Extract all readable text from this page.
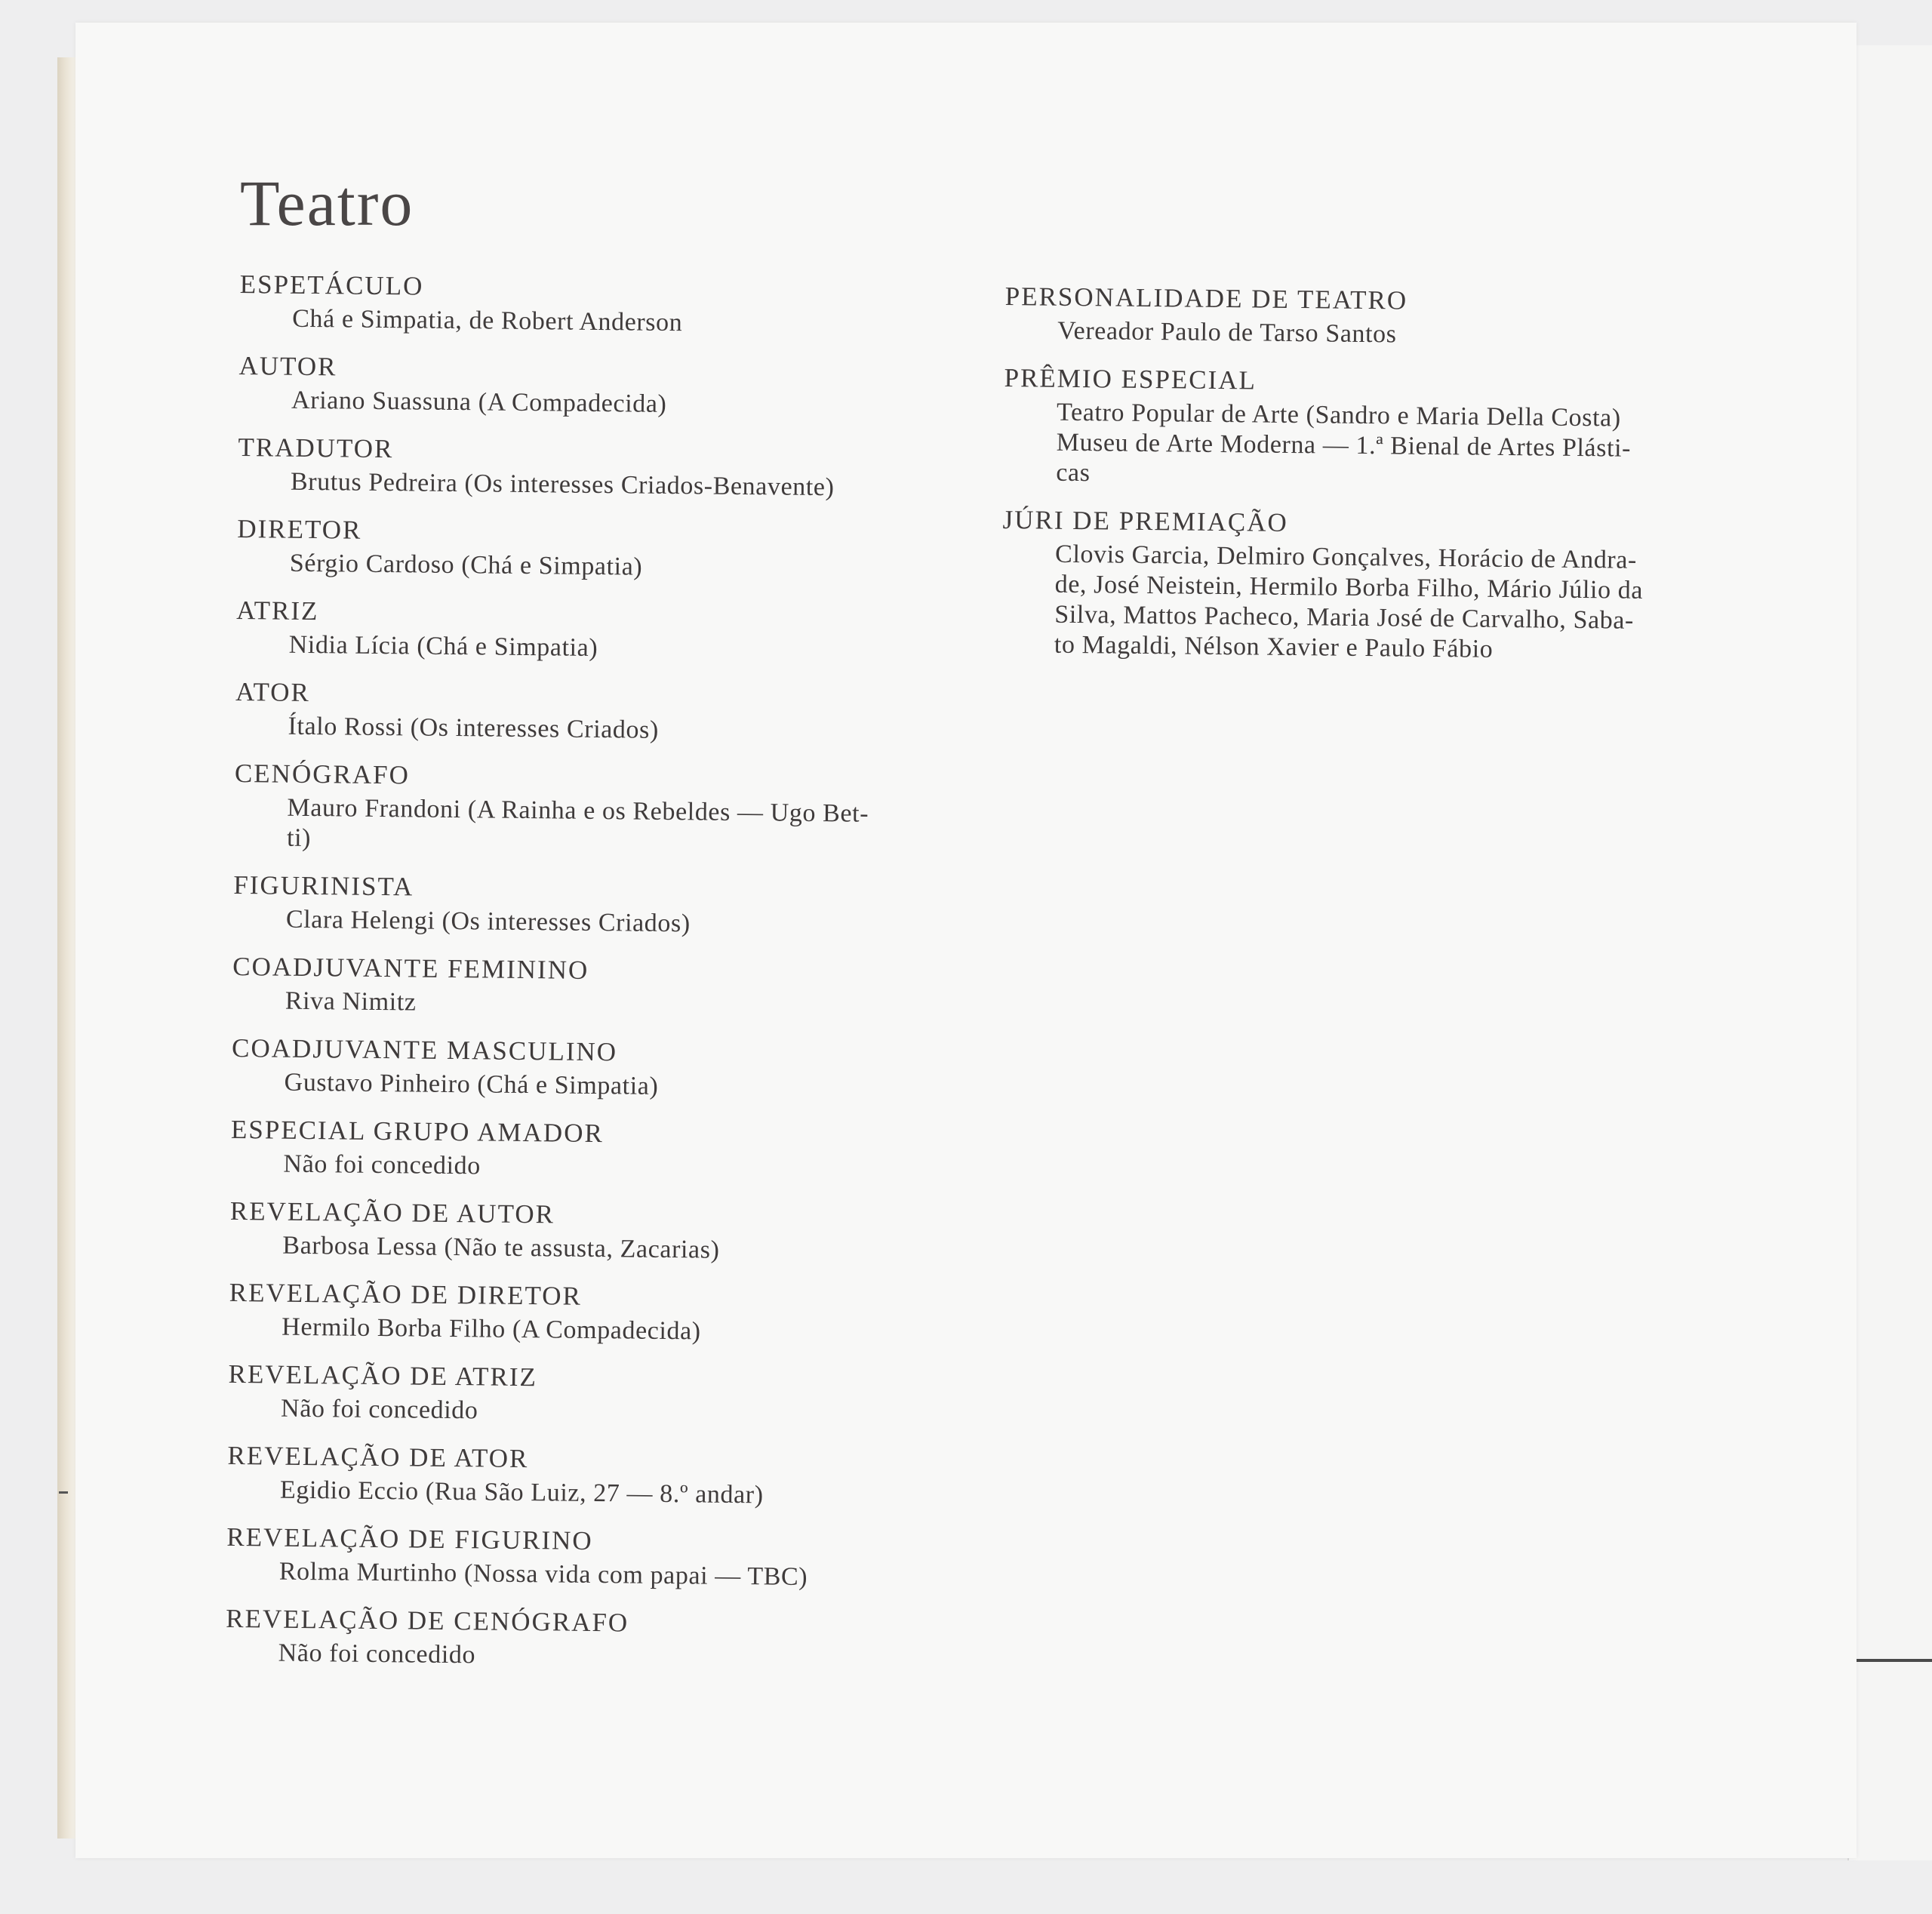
Teatro
ESPETÁCULO
Chá e Simpatia, de Robert Anderson
AUTOR
Ariano Suassuna (A Compadecida)
TRADUTOR
Brutus Pedreira (Os interesses Criados-Benavente)
DIRETOR
Sérgio Cardoso (Chá e Simpatia)
ATRIZ
Nidia Lícia (Chá e Simpatia)
ATOR
Ítalo Rossi (Os interesses Criados)
CENÓGRAFO
Mauro Frandoni (A Rainha e os Rebeldes — Ugo Bet-
ti)
FIGURINISTA
Clara Helengi (Os interesses Criados)
COADJUVANTE FEMININO
Riva Nimitz
COADJUVANTE MASCULINO
Gustavo Pinheiro (Chá e Simpatia)
ESPECIAL GRUPO AMADOR
Não foi concedido
REVELAÇÃO DE AUTOR
Barbosa Lessa (Não te assusta, Zacarias)
REVELAÇÃO DE DIRETOR
Hermilo Borba Filho (A Compadecida)
REVELAÇÃO DE ATRIZ
Não foi concedido
REVELAÇÃO DE ATOR
Egidio Eccio (Rua São Luiz, 27 — 8.º andar)
REVELAÇÃO DE FIGURINO
Rolma Murtinho (Nossa vida com papai — TBC)
REVELAÇÃO DE CENÓGRAFO
Não foi concedido
PERSONALIDADE DE TEATRO
Vereador Paulo de Tarso Santos
PRÊMIO ESPECIAL
Teatro Popular de Arte (Sandro e Maria Della Costa)
Museu de Arte Moderna — 1.ª Bienal de Artes Plásti-
cas
JÚRI DE PREMIAÇÃO
Clovis Garcia, Delmiro Gonçalves, Horácio de Andra-
de, José Neistein, Hermilo Borba Filho, Mário Júlio da
Silva, Mattos Pacheco, Maria José de Carvalho, Saba-
to Magaldi, Nélson Xavier e Paulo Fábio
